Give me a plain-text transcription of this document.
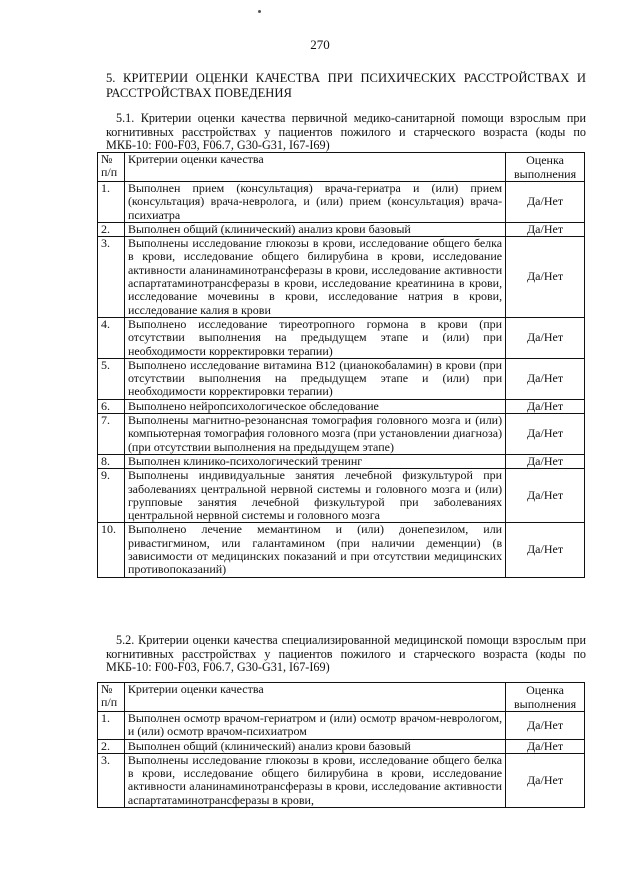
270
5. КРИТЕРИИ ОЦЕНКИ КАЧЕСТВА ПРИ ПСИХИЧЕСКИХ РАССТРОЙСТВАХ И РАССТРОЙСТВАХ ПОВЕДЕНИЯ
5.1. Критерии оценки качества первичной медико-санитарной помощи взрослым при когнитивных расстройствах у пациентов пожилого и старческого возраста (коды по МКБ-10: F00-F03, F06.7, G30-G31, I67-I69)
№ п/п	Критерии оценки качества	Оценка выполнения
1.	Выполнен прием (консультация) врача-гериатра и (или) прием (консультация) врача-невролога, и (или) прием (консультация) врача-психиатра	Да/Нет
2.	Выполнен общий (клинический) анализ крови базовый	Да/Нет
3.	Выполнены исследование глюкозы в крови, исследование общего белка в крови, исследование общего билирубина в крови, исследование активности аланинаминотрансферазы в крови, исследование активности аспартатаминотрансферазы в крови, исследование креатинина в крови, исследование мочевины в крови, исследование натрия в крови, исследование калия в крови	Да/Нет
4.	Выполнено исследование тиреотропного гормона в крови (при отсутствии выполнения на предыдущем этапе и (или) при необходимости корректировки терапии)	Да/Нет
5.	Выполнено исследование витамина B12 (цианокобаламин) в крови (при отсутствии выполнения на предыдущем этапе и (или) при необходимости корректировки терапии)	Да/Нет
6.	Выполнено нейропсихологическое обследование	Да/Нет
7.	Выполнены магнитно-резонансная томография головного мозга и (или) компьютерная томография головного мозга (при установлении диагноза) (при отсутствии выполнения на предыдущем этапе)	Да/Нет
8.	Выполнен клинико-психологический тренинг	Да/Нет
9.	Выполнены индивидуальные занятия лечебной физкультурой при заболеваниях центральной нервной системы и головного мозга и (или) групповые занятия лечебной физкультурой при заболеваниях центральной нервной системы и головного мозга	Да/Нет
10.	Выполнено лечение мемантином и (или) донепезилом, или ривастигмином, или галантамином (при наличии деменции) (в зависимости от медицинских показаний и при отсутствии медицинских противопоказаний)	Да/Нет
5.2. Критерии оценки качества специализированной медицинской помощи взрослым при когнитивных расстройствах у пациентов пожилого и старческого возраста (коды по МКБ-10: F00-F03, F06.7, G30-G31, I67-I69)
№ п/п	Критерии оценки качества	Оценка выполнения
1.	Выполнен осмотр врачом-гериатром и (или) осмотр врачом-неврологом, и (или) осмотр врачом-психиатром	Да/Нет
2.	Выполнен общий (клинический) анализ крови базовый	Да/Нет
3.	Выполнены исследование глюкозы в крови, исследование общего белка в крови, исследование общего билирубина в крови, исследование активности аланинаминотрансферазы в крови, исследование активности аспартатаминотрансферазы в крови,	Да/Нет
